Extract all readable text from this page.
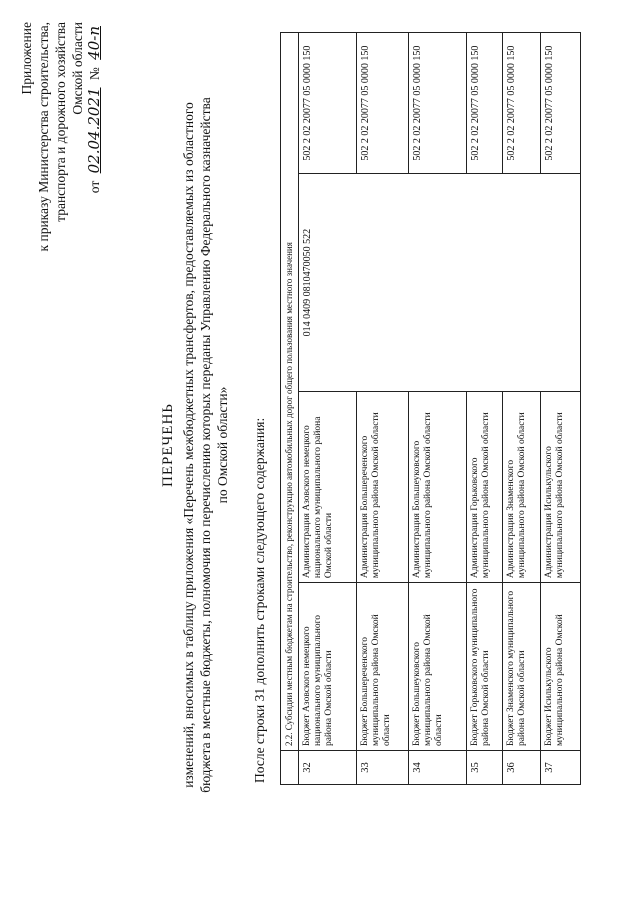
Приложение к приказу Министерства строительства, транспорта и дорожного хозяйства Омской области
от 02.04.2021 № 40-п
ПЕРЕЧЕНЬ изменений, вносимых в таблицу приложения «Перечень межбюджетных трансфертов, предоставляемых из областного бюджета в местные бюджеты, полномочия по перечислению которых переданы Управлению Федерального казначейства по Омской области» После строки 31 дополнить строками следующего содержания:
	2.2. Субсидии местным бюджетам на строительство, реконструкцию автомобильных дорог общего пользования местного значения			
32	Бюджет Азовского немецкого национального муниципального района Омской области	Администрация Азовского немецкого национального муниципального района Омской области	014 0409 0810470050 522	502 2 02 20077 05 0000 150
33	Бюджет Большереченского муниципального района Омской области	Администрация Большереченского муниципального района Омской области		502 2 02 20077 05 0000 150
34	Бюджет Большеуковского муниципального района Омской области	Администрация Большеуковского муниципального района Омской области		502 2 02 20077 05 0000 150
35	Бюджет Горьковского муниципального района Омской области	Администрация Горьковского муниципального района Омской области		502 2 02 20077 05 0000 150
36	Бюджет Знаменского муниципального района Омской области	Администрация Знаменского муниципального района Омской области		502 2 02 20077 05 0000 150
37	Бюджет Исилькульского муниципального района Омской	Администрация Исилькульского муниципального района Омской области		502 2 02 20077 05 0000 150
